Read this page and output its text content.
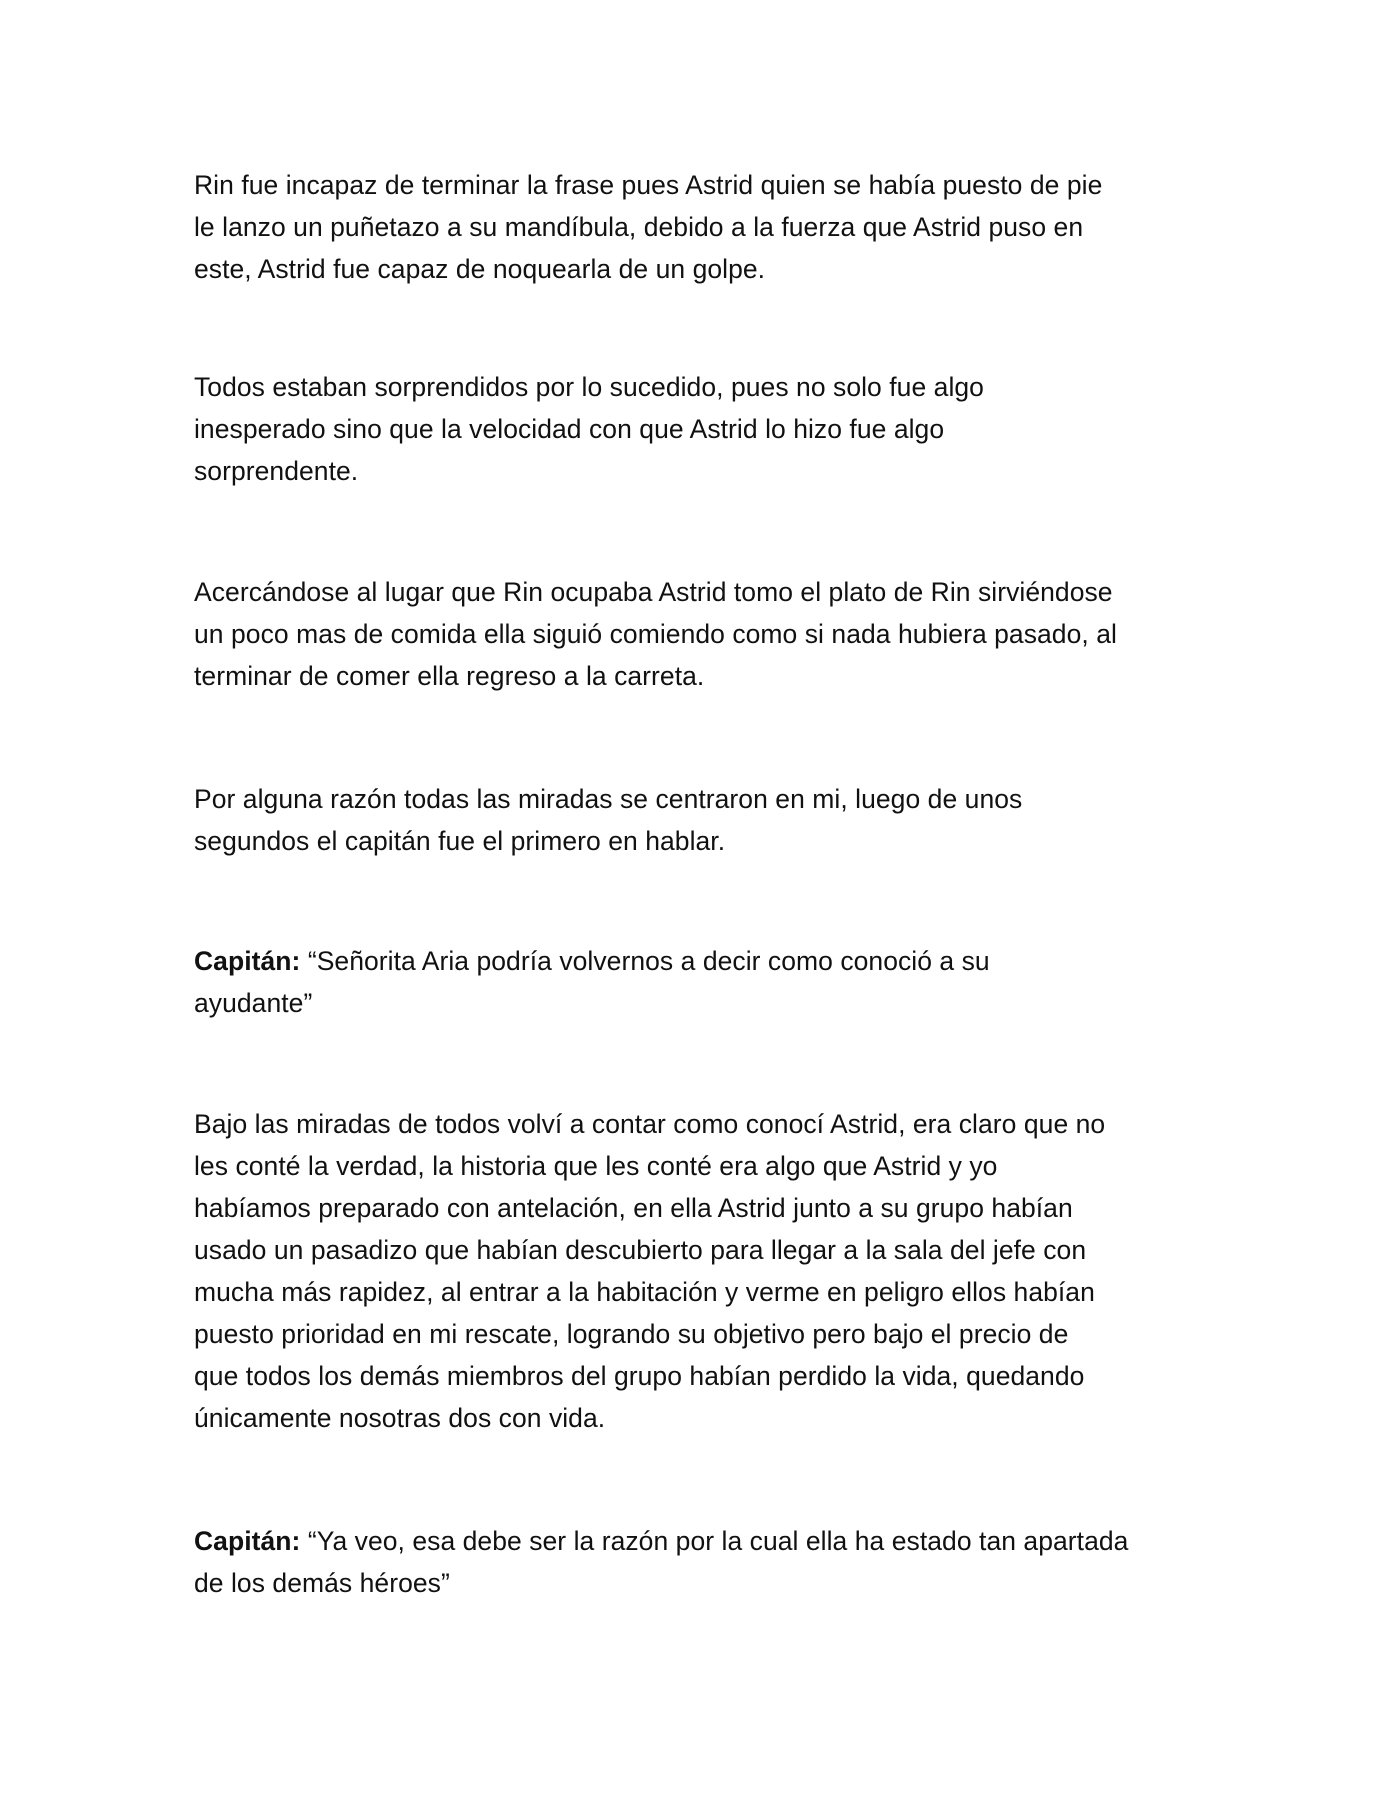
Rin fue incapaz de terminar la frase pues Astrid quien se había puesto de pie
le lanzo un puñetazo a su mandíbula, debido a la fuerza que Astrid puso en
este, Astrid fue capaz de noquearla de un golpe.

Todos estaban sorprendidos por lo sucedido, pues no solo fue algo
inesperado sino que la velocidad con que Astrid lo hizo fue algo
sorprendente.

Acercándose al lugar que Rin ocupaba Astrid tomo el plato de Rin sirviéndose
un poco mas de comida ella siguió comiendo como si nada hubiera pasado, al
terminar de comer ella regreso a la carreta.

Por alguna razón todas las miradas se centraron en mi, luego de unos
segundos el capitán fue el primero en hablar.

Capitán: “Señorita Aria podría volvernos a decir como conoció a su
ayudante”

Bajo las miradas de todos volví a contar como conocí Astrid, era claro que no
les conté la verdad, la historia que les conté era algo que Astrid y yo
habíamos preparado con antelación, en ella Astrid junto a su grupo habían
usado un pasadizo que habían descubierto para llegar a la sala del jefe con
mucha más rapidez, al entrar a la habitación y verme en peligro ellos habían
puesto prioridad en mi rescate, logrando su objetivo pero bajo el precio de
que todos los demás miembros del grupo habían perdido la vida, quedando
únicamente nosotras dos con vida.

Capitán: “Ya veo, esa debe ser la razón por la cual ella ha estado tan apartada
de los demás héroes”
